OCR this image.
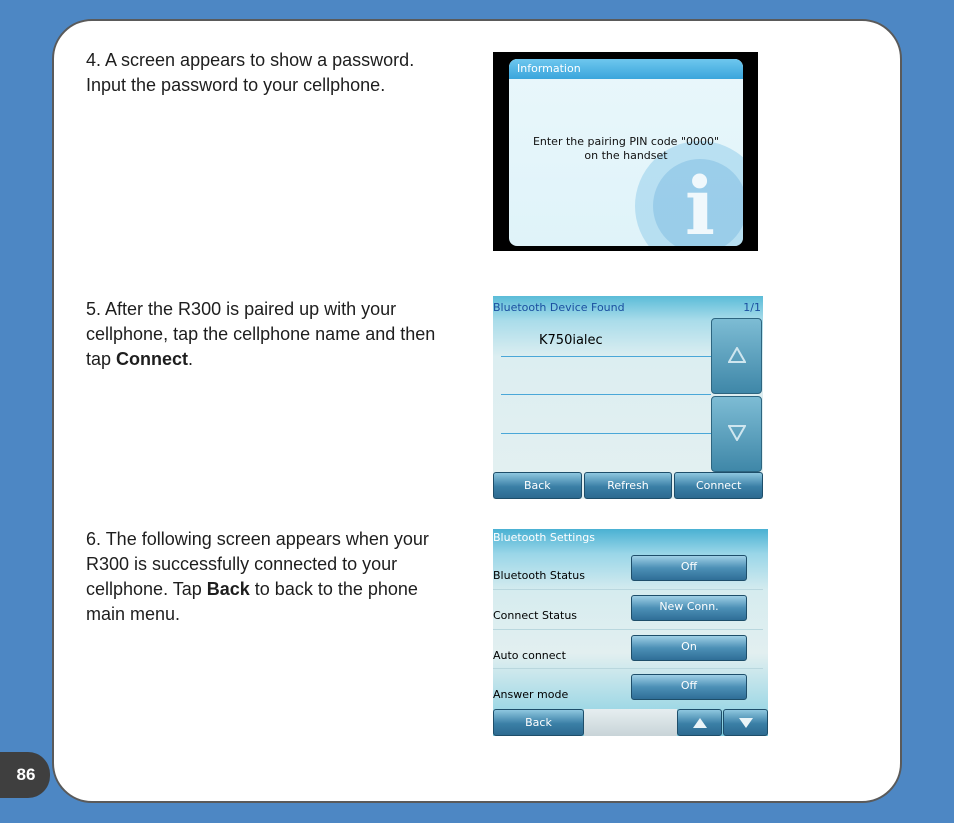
86

4. A screen appears to show a password. Input the password to your cellphone.

5. After the R300 is paired up with your cellphone, tap the cellphone name and then tap Connect.

6. The following screen appears when your R300 is successfully connected to your cellphone. Tap Back to back to the phone main menu.

Information
i
Enter the pairing PIN code "0000"
on the handset
Bluetooth Device Found	1/1
K750ialec
Back	Refresh	Connect
Bluetooth Settings
Bluetooth Status
Off
Connect Status
New Conn.
Auto connect
On
Answer mode
Off
Back
